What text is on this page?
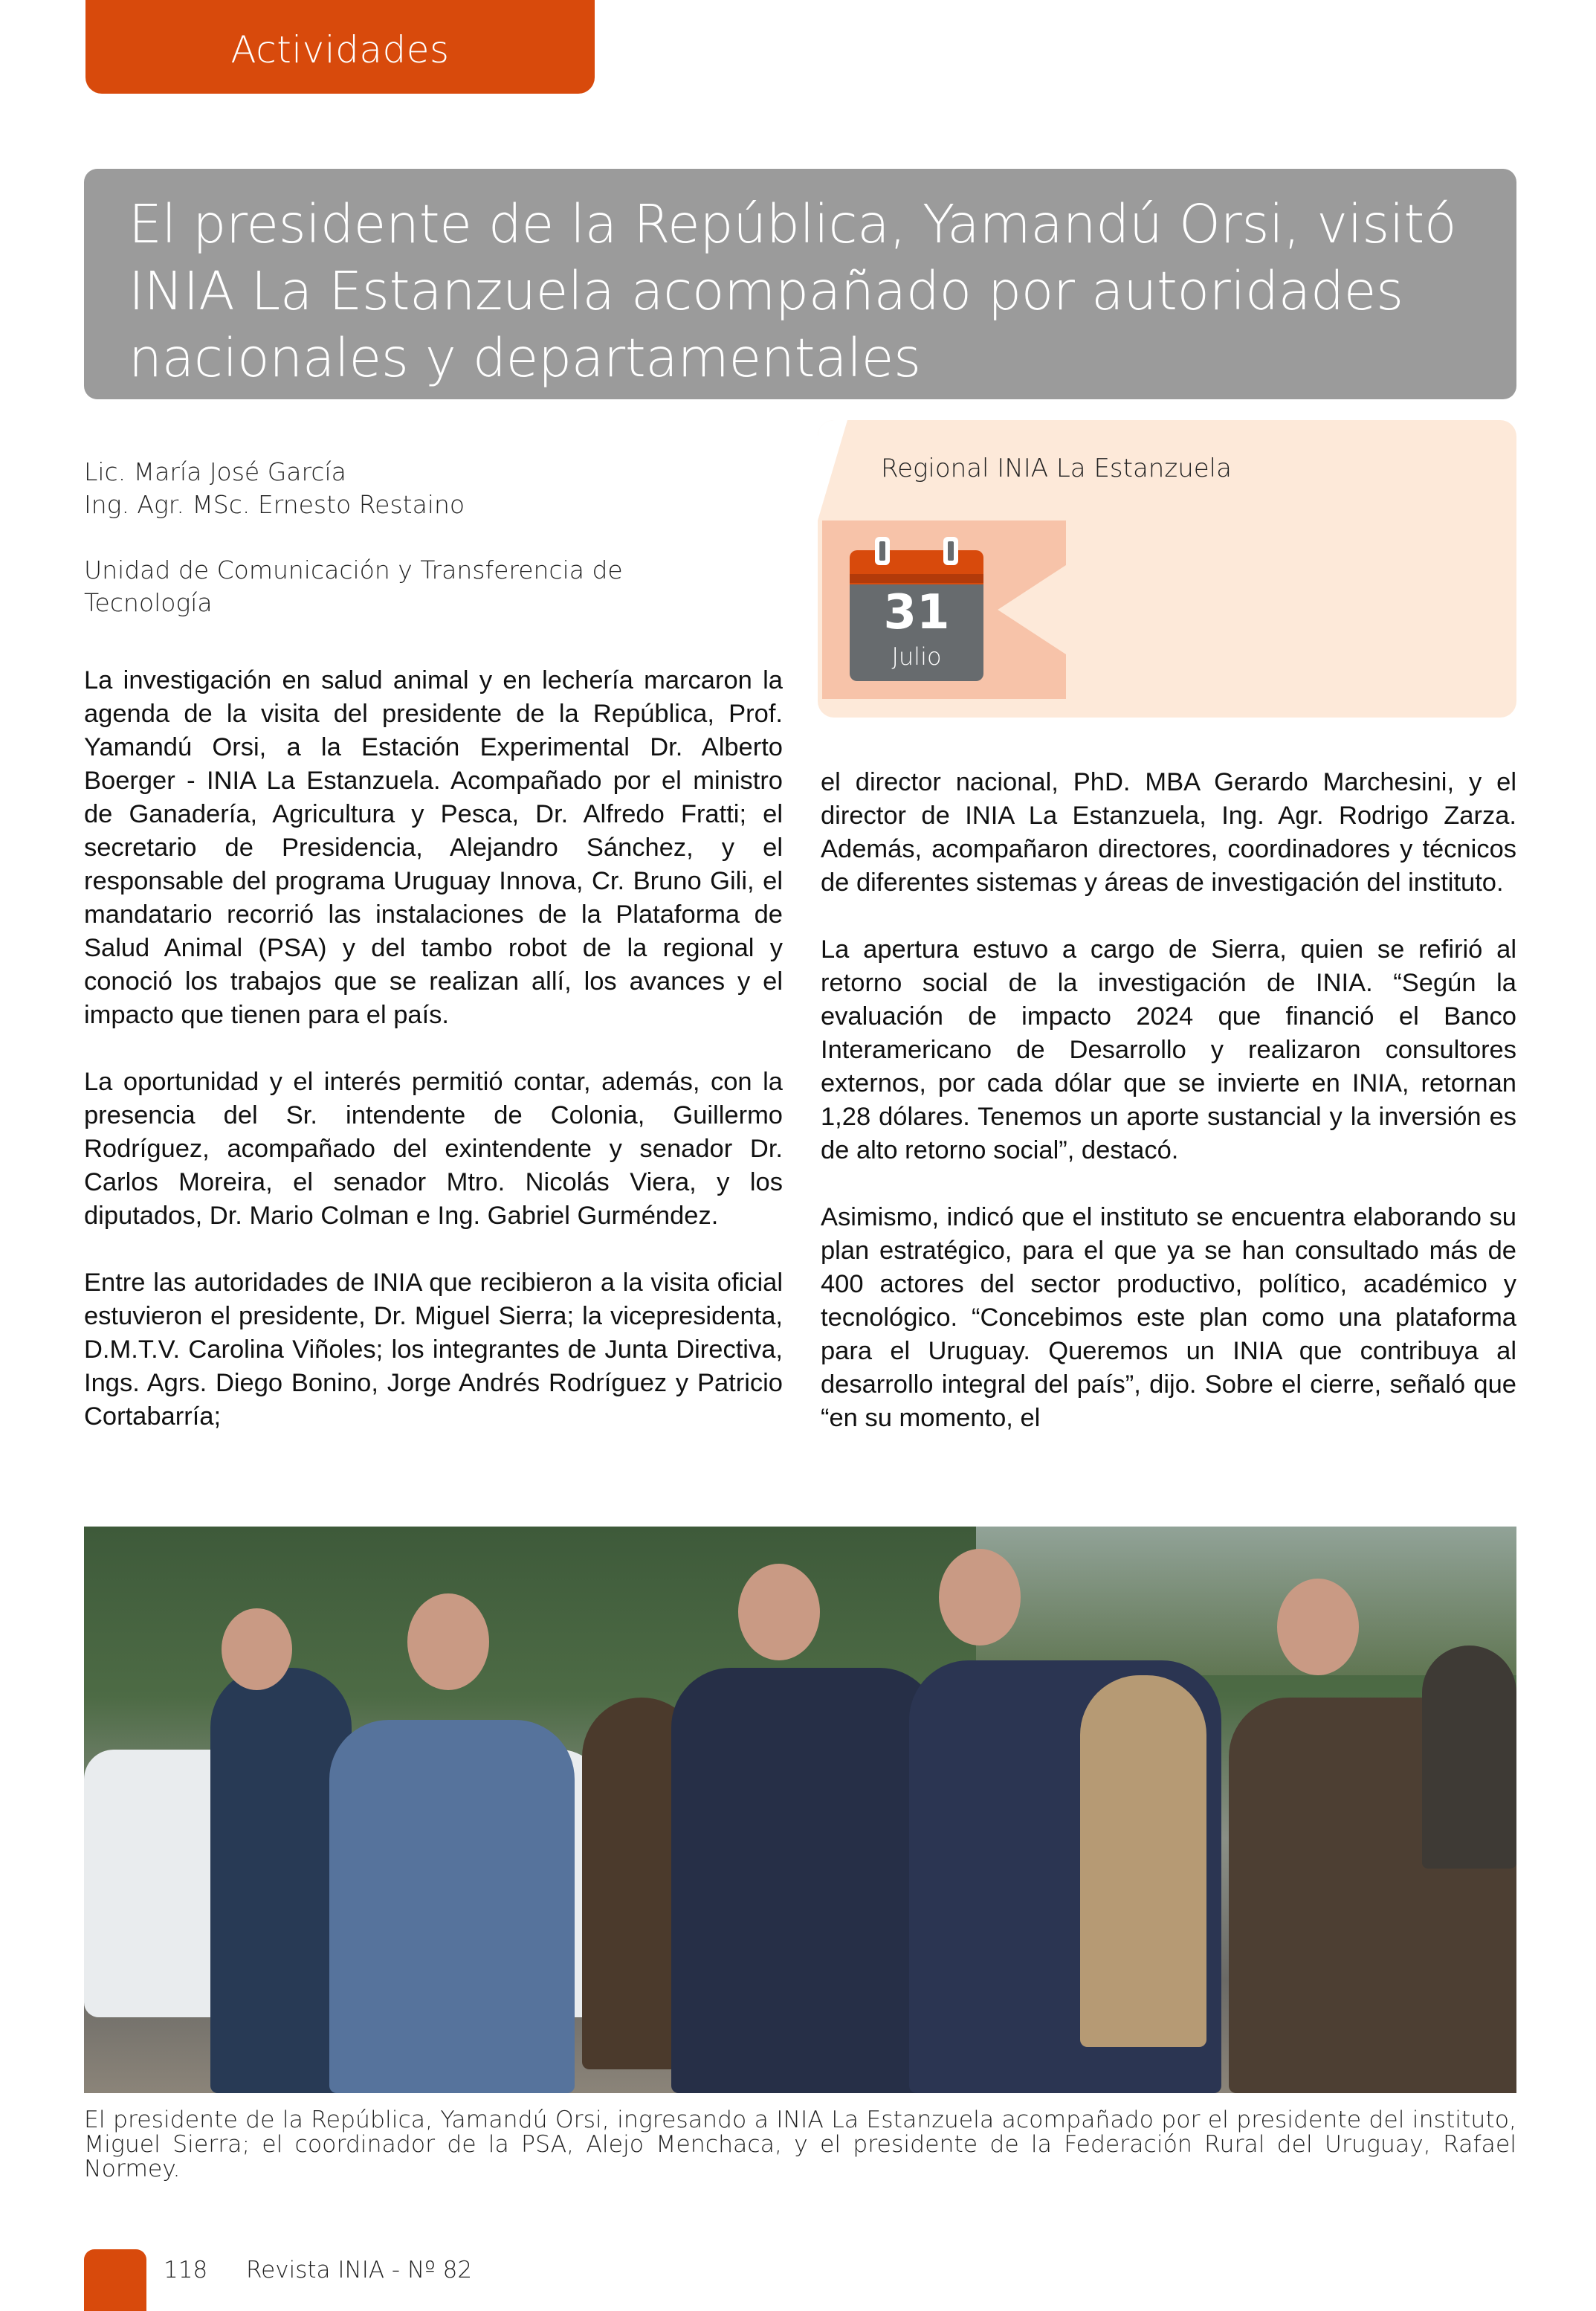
Actividades
El presidente de la República, Yamandú Orsi, visitó INIA La Estanzuela acompañado por autoridades nacionales y departamentales
Lic. María José García
Ing. Agr. MSc. Ernesto Restaino
Unidad de Comunicación y Transferencia de Tecnología
Regional INIA La Estanzuela
31
Julio

La investigación en salud animal y en lechería marcaron la agenda de la visita del presidente de la República, Prof. Yamandú Orsi, a la Estación Experimental Dr. Alberto Boerger - INIA La Estanzuela. Acompañado por el ministro de Ganadería, Agricultura y Pesca, Dr. Alfredo Fratti; el secretario de Presidencia, Alejandro Sánchez, y el responsable del programa Uruguay Innova, Cr. Bruno Gili, el mandatario recorrió las instalaciones de la Plataforma de Salud Animal (PSA) y del tambo robot de la regional y conoció los trabajos que se realizan allí, los avances y el impacto que tienen para el país.

La oportunidad y el interés permitió contar, además, con la presencia del Sr. intendente de Colonia, Guillermo Rodríguez, acompañado del exintendente y senador Dr. Carlos Moreira, el senador Mtro. Nicolás Viera, y los diputados, Dr. Mario Colman e Ing. Gabriel Gurméndez.

Entre las autoridades de INIA que recibieron a la visita oficial estuvieron el presidente, Dr. Miguel Sierra; la vicepresidenta, D.M.T.V. Carolina Viñoles; los integrantes de Junta Directiva, Ings. Agrs. Diego Bonino, Jorge Andrés Rodríguez y Patricio Cortabarría;

el director nacional, PhD. MBA Gerardo Marchesini, y el director de INIA La Estanzuela, Ing. Agr. Rodrigo Zarza. Además, acompañaron directores, coordinadores y técnicos de diferentes sistemas y áreas de investigación del instituto.

La apertura estuvo a cargo de Sierra, quien se refirió al retorno social de la investigación de INIA. “Según la evaluación de impacto 2024 que financió el Banco Interamericano de Desarrollo y realizaron consultores externos, por cada dólar que se invierte en INIA, retornan 1,28 dólares. Tenemos un aporte sustancial y la inversión es de alto retorno social”, destacó.

Asimismo, indicó que el instituto se encuentra elaborando su plan estratégico, para el que ya se han consultado más de 400 actores del sector productivo, político, académico y tecnológico. “Concebimos este plan como una plataforma para el Uruguay. Queremos un INIA que contribuya al desarrollo integral del país”, dijo. Sobre el cierre, señaló que “en su momento, el

El presidente de la República, Yamandú Orsi, ingresando a INIA La Estanzuela acompañado por el presidente del instituto, Miguel Sierra; el coordinador de la PSA, Alejo Menchaca, y el presidente de la Federación Rural del Uruguay, Rafael Normey.
118 Revista INIA - Nº 82
